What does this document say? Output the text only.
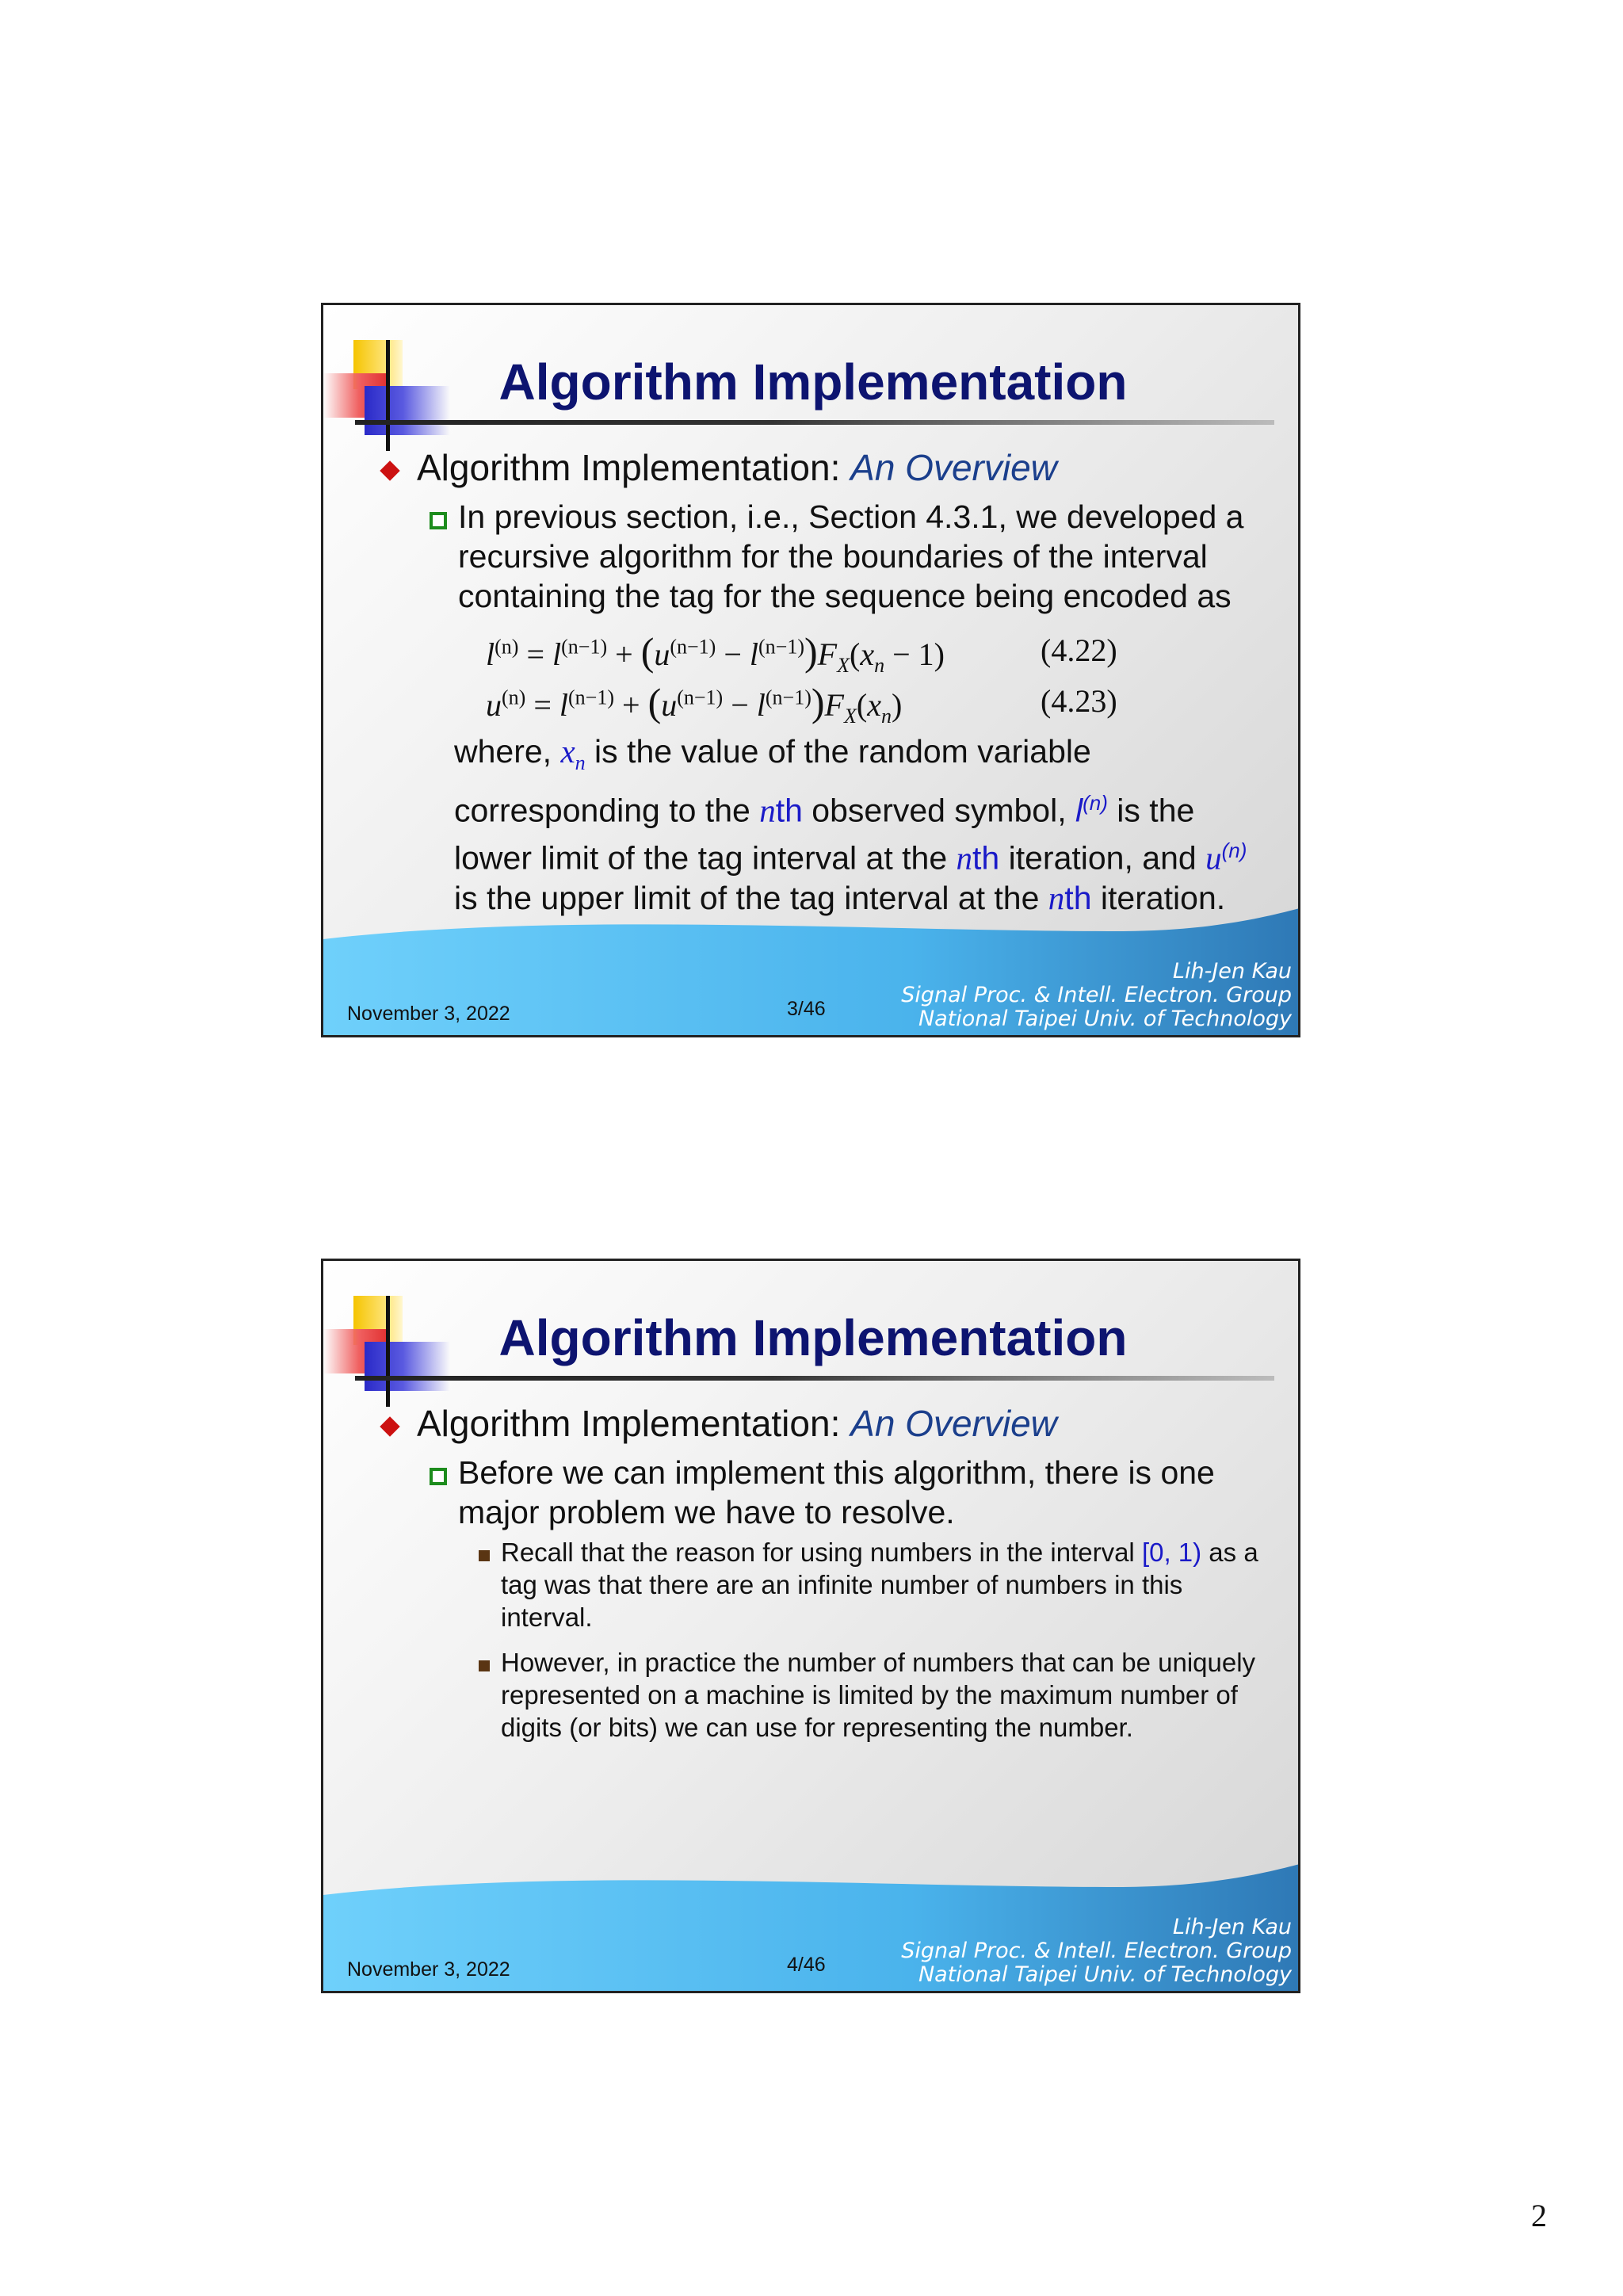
Algorithm Implementation
Algorithm Implementation: An Overview

In previous section, i.e., Section 4.3.1, we developed a recursive algorithm for the boundaries of the interval containing the tag for the sequence being encoded as

$l^{(n)} = l^{(n-1)} + (u^{(n-1)} - l^{(n-1)})F_X(x_n - 1)$	(4.22)
$u^{(n)} = l^{(n-1)} + (u^{(n-1)} - l^{(n-1)})F_X(x_n)$	(4.23)

where, $x_n$ is the value of the random variable corresponding to the nth observed symbol, $l^{(n)}$ is the lower limit of the tag interval at the nth iteration, and $u^{(n)}$ is the upper limit of the tag interval at the nth iteration.

November 3, 2022	3/46
Lih-Jen Kau
Signal Proc. & Intell. Electron. Group
National Taipei Univ. of Technology
Algorithm Implementation
Algorithm Implementation: An Overview

Before we can implement this algorithm, there is one major problem we have to resolve.

Recall that the reason for using numbers in the interval [0, 1) as a tag was that there are an infinite number of numbers in this interval.

However, in practice the number of numbers that can be uniquely represented on a machine is limited by the maximum number of digits (or bits) we can use for representing the number.

November 3, 2022	4/46
Lih-Jen Kau
Signal Proc. & Intell. Electron. Group
National Taipei Univ. of Technology
2
